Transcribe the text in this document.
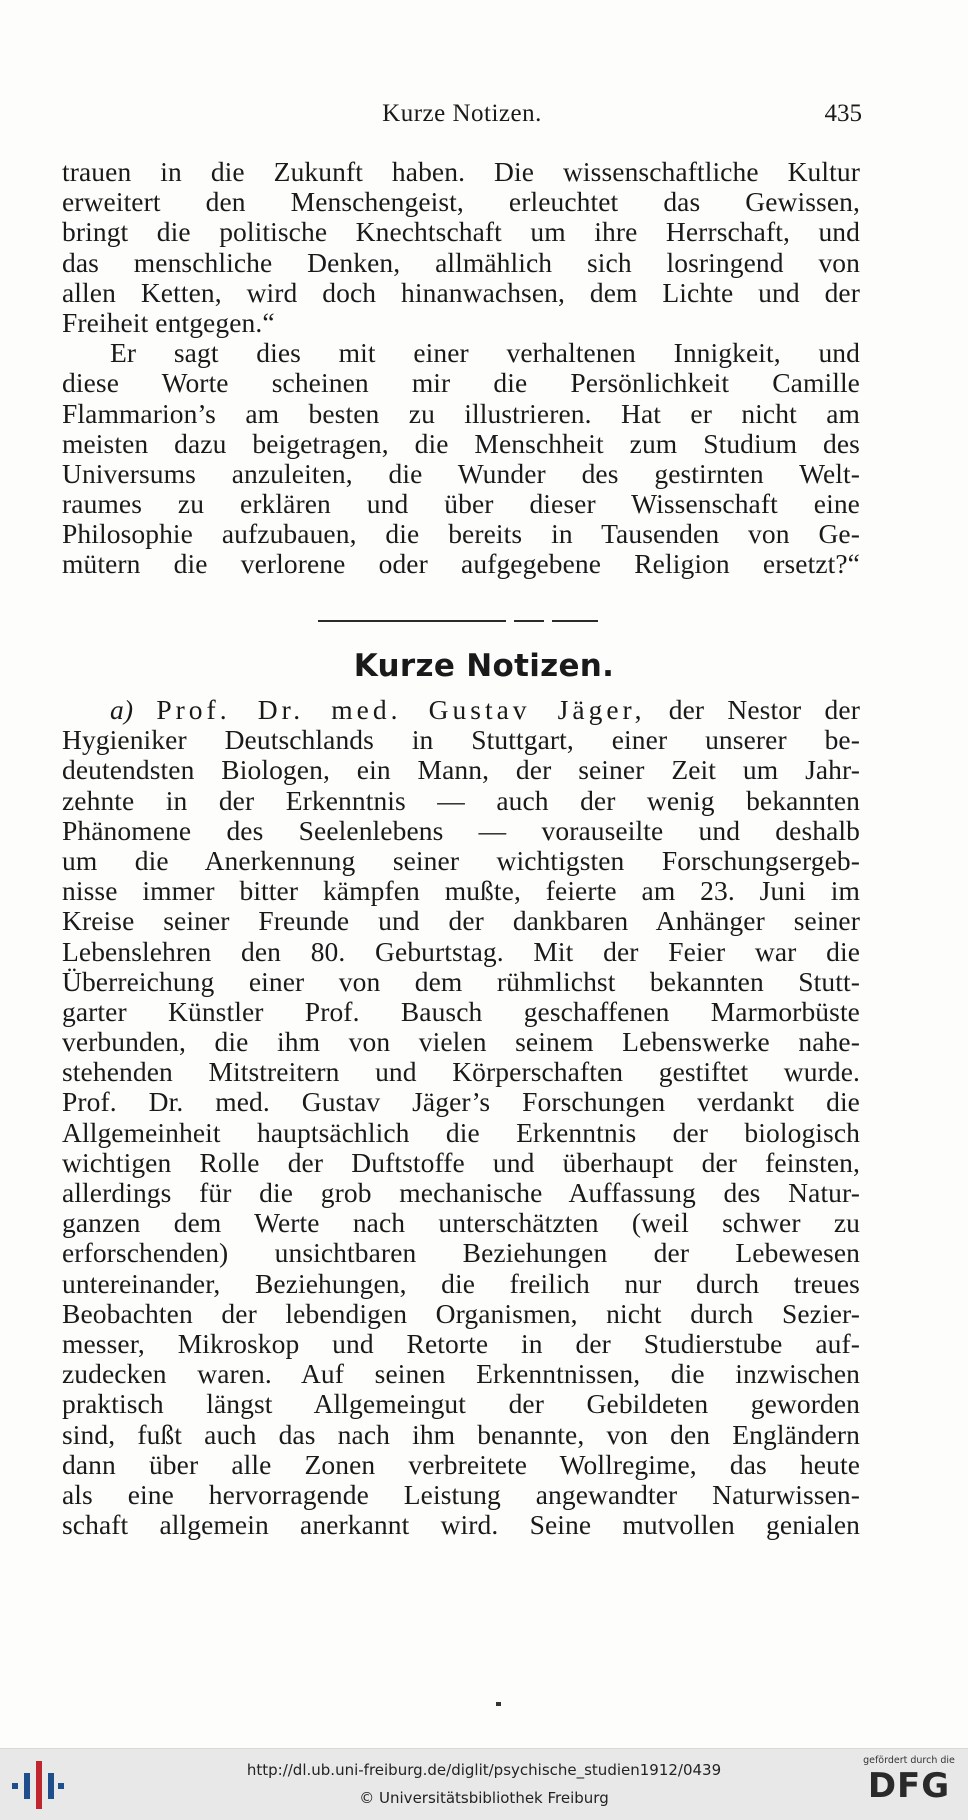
Kurze Notizen.	435
trauen in die Zukunft haben. Die wissenschaftliche Kultur
erweitert den Menschengeist, erleuchtet das Gewissen,
bringt die politische Knechtschaft um ihre Herrschaft, und
das menschliche Denken, allmählich sich losringend von
allen Ketten, wird doch hinanwachsen, dem Lichte und der
Freiheit entgegen.“
Er sagt dies mit einer verhaltenen Innigkeit, und
diese Worte scheinen mir die Persönlichkeit Camille
Flammarion’s am besten zu illustrieren. Hat er nicht am
meisten dazu beigetragen, die Menschheit zum Studium des
Universums anzuleiten, die Wunder des gestirnten Welt-
raumes zu erklären und über dieser Wissenschaft eine
Philosophie aufzubauen, die bereits in Tausenden von Ge-
mütern die verlorene oder aufgegebene Religion ersetzt?“
Kurze Notizen.
a) Prof. Dr. med. Gustav Jäger, der Nestor der
Hygieniker Deutschlands in Stuttgart, einer unserer be-
deutendsten Biologen, ein Mann, der seiner Zeit um Jahr-
zehnte in der Erkenntnis — auch der wenig bekannten
Phänomene des Seelenlebens — vorauseilte und deshalb
um die Anerkennung seiner wichtigsten Forschungsergeb-
nisse immer bitter kämpfen mußte, feierte am 23. Juni im
Kreise seiner Freunde und der dankbaren Anhänger seiner
Lebenslehren den 80. Geburtstag. Mit der Feier war die
Überreichung einer von dem rühmlichst bekannten Stutt-
garter Künstler Prof. Bausch geschaffenen Marmorbüste
verbunden, die ihm von vielen seinem Lebenswerke nahe-
stehenden Mitstreitern und Körperschaften gestiftet wurde.
Prof. Dr. med. Gustav Jäger’s Forschungen verdankt die
Allgemeinheit hauptsächlich die Erkenntnis der biologisch
wichtigen Rolle der Duftstoffe und überhaupt der feinsten,
allerdings für die grob mechanische Auffassung des Natur-
ganzen dem Werte nach unterschätzten (weil schwer zu
erforschenden) unsichtbaren Beziehungen der Lebewesen
untereinander, Beziehungen, die freilich nur durch treues
Beobachten der lebendigen Organismen, nicht durch Sezier-
messer, Mikroskop und Retorte in der Studierstube auf-
zudecken waren. Auf seinen Erkenntnissen, die inzwischen
praktisch längst Allgemeingut der Gebildeten geworden
sind, fußt auch das nach ihm benannte, von den Engländern
dann über alle Zonen verbreitete Wollregime, das heute
als eine hervorragende Leistung angewandter Naturwissen-
schaft allgemein anerkannt wird. Seine mutvollen genialen
http://dl.ub.uni-freiburg.de/diglit/psychische_studien1912/0439
© Universitätsbibliothek Freiburg
gefördert durch die
DFG
